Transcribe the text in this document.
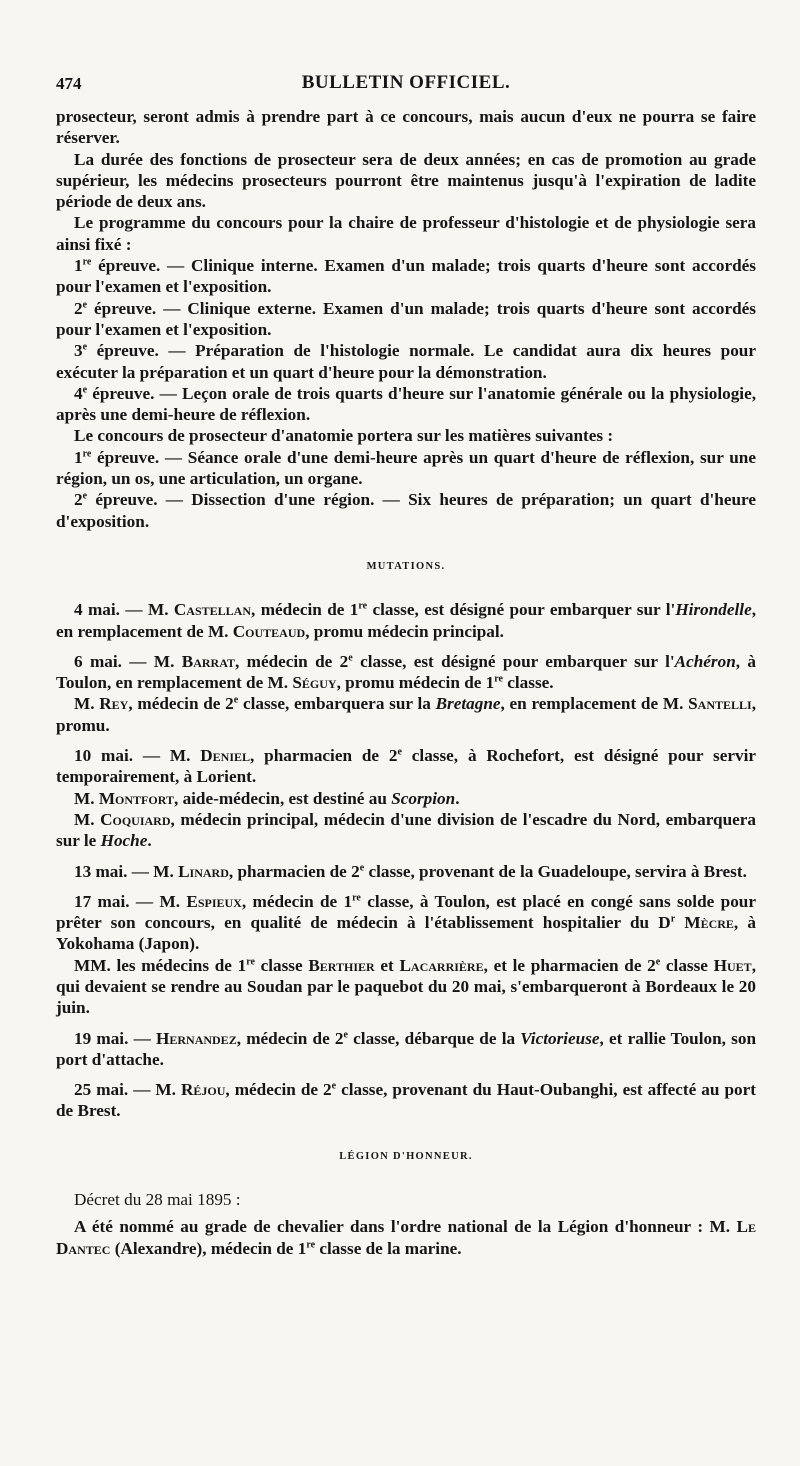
474	BULLETIN OFFICIEL.

prosecteur, seront admis à prendre part à ce concours, mais aucun d'eux ne pourra se faire réserver.

La durée des fonctions de prosecteur sera de deux années; en cas de promotion au grade supérieur, les médecins prosecteurs pourront être maintenus jusqu'à l'expiration de ladite période de deux ans.

Le programme du concours pour la chaire de professeur d'histologie et de physiologie sera ainsi fixé :

1re épreuve. — Clinique interne. Examen d'un malade; trois quarts d'heure sont accordés pour l'examen et l'exposition.

2e épreuve. — Clinique externe. Examen d'un malade; trois quarts d'heure sont accordés pour l'examen et l'exposition.

3e épreuve. — Préparation de l'histologie normale. Le candidat aura dix heures pour exécuter la préparation et un quart d'heure pour la démonstration.

4e épreuve. — Leçon orale de trois quarts d'heure sur l'anatomie générale ou la physiologie, après une demi-heure de réflexion.

Le concours de prosecteur d'anatomie portera sur les matières suivantes :

1re épreuve. — Séance orale d'une demi-heure après un quart d'heure de réflexion, sur une région, un os, une articulation, un organe.

2e épreuve. — Dissection d'une région. — Six heures de préparation; un quart d'heure d'exposition.

MUTATIONS.

4 mai. — M. Castellan, médecin de 1re classe, est désigné pour embarquer sur l'Hirondelle, en remplacement de M. Couteaud, promu médecin principal.

6 mai. — M. Barrat, médecin de 2e classe, est désigné pour embarquer sur l'Achéron, à Toulon, en remplacement de M. Séguy, promu médecin de 1re classe.

M. Rey, médecin de 2e classe, embarquera sur la Bretagne, en remplacement de M. Santelli, promu.

10 mai. — M. Deniel, pharmacien de 2e classe, à Rochefort, est désigné pour servir temporairement, à Lorient.

M. Montfort, aide-médecin, est destiné au Scorpion.

M. Coquiard, médecin principal, médecin d'une division de l'escadre du Nord, embarquera sur le Hoche.

13 mai. — M. Linard, pharmacien de 2e classe, provenant de la Guadeloupe, servira à Brest.

17 mai. — M. Espieux, médecin de 1re classe, à Toulon, est placé en congé sans solde pour prêter son concours, en qualité de médecin à l'établissement hospitalier du $D^r$ Mècre, à Yokohama (Japon).

MM. les médecins de 1re classe Berthier et Lacarrière, et le pharmacien de 2e classe Huet, qui devaient se rendre au Soudan par le paquebot du 20 mai, s'embarqueront à Bordeaux le 20 juin.

19 mai. — Hernandez, médecin de 2e classe, débarque de la Victorieuse, et rallie Toulon, son port d'attache.

25 mai. — M. Réjou, médecin de 2e classe, provenant du Haut-Oubanghi, est affecté au port de Brest.

LÉGION D'HONNEUR.

Décret du 28 mai 1895 :

A été nommé au grade de chevalier dans l'ordre national de la Légion d'honneur : M. Le Dantec (Alexandre), médecin de 1re classe de la marine.
